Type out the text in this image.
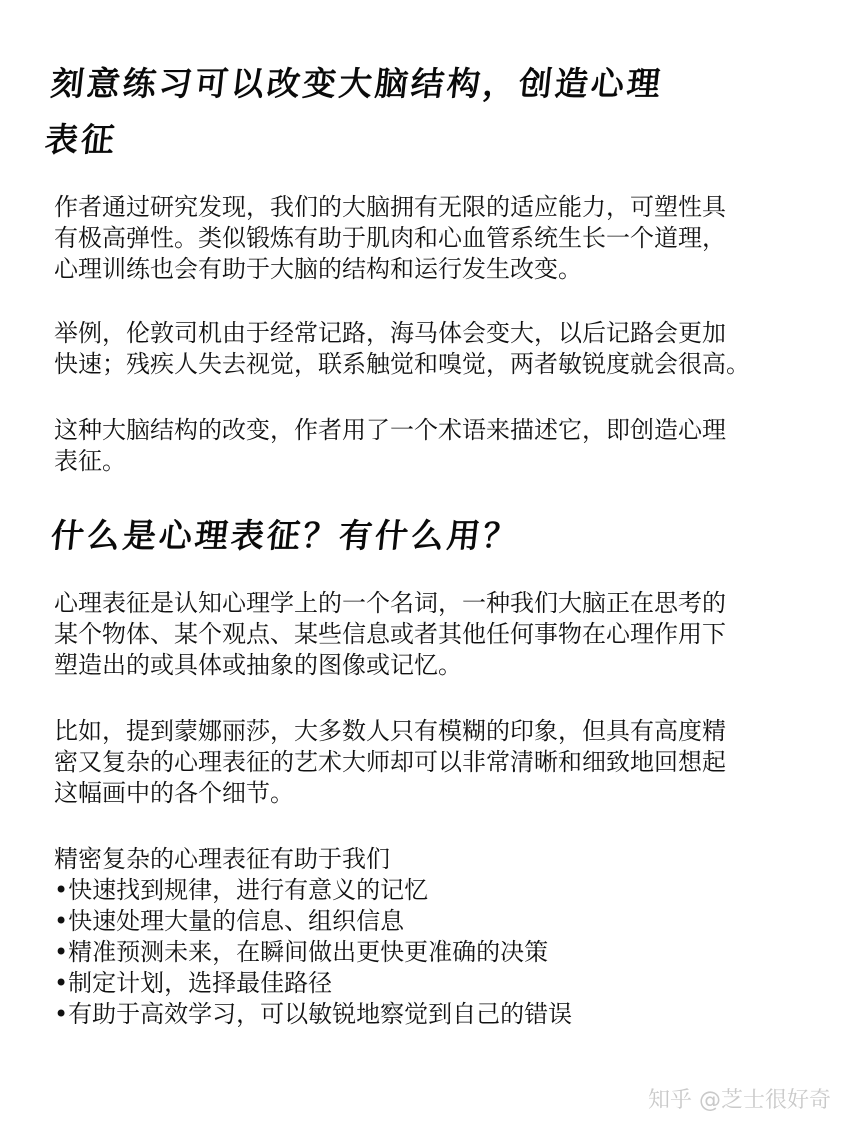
刻意练习可以改变大脑结构，创造心理
表征

作者通过研究发现，我们的大脑拥有无限的适应能力，可塑性具
有极高弹性。类似锻炼有助于肌肉和心血管系统生长一个道理，
心理训练也会有助于大脑的结构和运行发生改变。

举例，伦敦司机由于经常记路，海马体会变大，以后记路会更加
快速；残疾人失去视觉，联系触觉和嗅觉，两者敏锐度就会很高。

这种大脑结构的改变，作者用了一个术语来描述它，即创造心理
表征。

什么是心理表征？有什么用？

心理表征是认知心理学上的一个名词，一种我们大脑正在思考的
某个物体、某个观点、某些信息或者其他任何事物在心理作用下
塑造出的或具体或抽象的图像或记忆。

比如，提到蒙娜丽莎，大多数人只有模糊的印象，但具有高度精
密又复杂的心理表征的艺术大师却可以非常清晰和细致地回想起
这幅画中的各个细节。

精密复杂的心理表征有助于我们
•快速找到规律，进行有意义的记忆
•快速处理大量的信息、组织信息
•精准预测未来，在瞬间做出更快更准确的决策
•制定计划，选择最佳路径
•有助于高效学习，可以敏锐地察觉到自己的错误

知乎 @芝士很好奇
